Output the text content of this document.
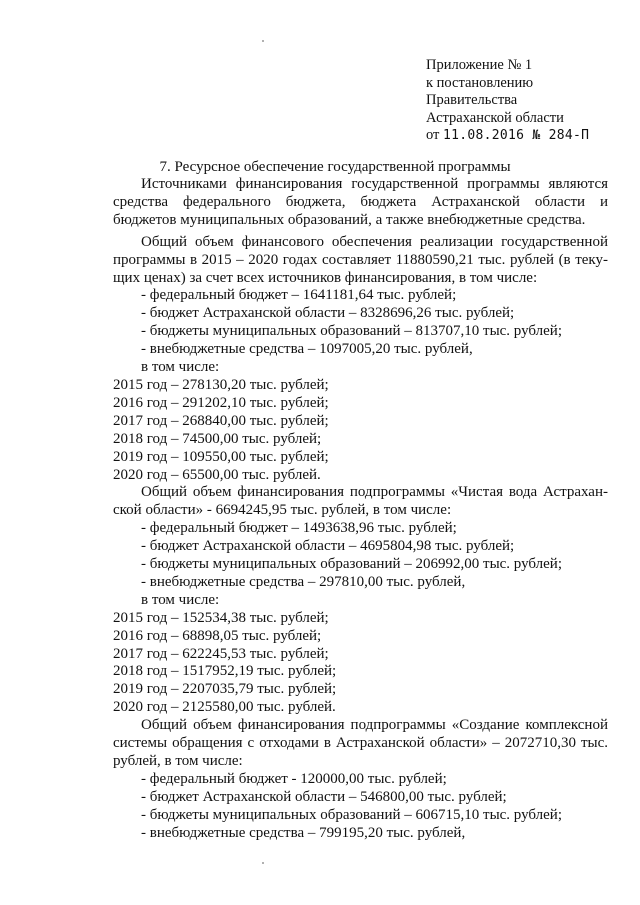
Приложение № 1
к постановлению
Правительства
Астраханской области
от 11.08.2016 № 284-П
7. Ресурсное обеспечение государственной программы

Источниками финансирования государственной программы являются средства федерального бюджета, бюджета Астраханской области и бюджетов муниципальных образований, а также внебюджетные средства.

Общий объем финансового обеспечения реализации государственной программы в 2015 – 2020 годах составляет 11880590,21 тыс. рублей (в теку-щих ценах) за счет всех источников финансирования, в том числе:

- федеральный бюджет – 1641181,64 тыс. рублей;
- бюджет Астраханской области – 8328696,26 тыс. рублей;
- бюджеты муниципальных образований – 813707,10 тыс. рублей;
- внебюджетные средства – 1097005,20 тыс. рублей,
в том числе:
2015 год – 278130,20 тыс. рублей;
2016 год – 291202,10 тыс. рублей;
2017 год – 268840,00 тыс. рублей;
2018 год – 74500,00 тыс. рублей;
2019 год – 109550,00 тыс. рублей;
2020 год – 65500,00 тыс. рублей.

Общий объем финансирования подпрограммы «Чистая вода Астрахан-ской области» - 6694245,95 тыс. рублей, в том числе:

- федеральный бюджет – 1493638,96 тыс. рублей;
- бюджет Астраханской области – 4695804,98 тыс. рублей;
- бюджеты муниципальных образований – 206992,00 тыс. рублей;
- внебюджетные средства – 297810,00 тыс. рублей,
в том числе:
2015 год – 152534,38 тыс. рублей;
2016 год – 68898,05 тыс. рублей;
2017 год – 622245,53 тыс. рублей;
2018 год – 1517952,19 тыс. рублей;
2019 год – 2207035,79 тыс. рублей;
2020 год – 2125580,00 тыс. рублей.

Общий объем финансирования подпрограммы «Создание комплексной системы обращения с отходами в Астраханской области» – 2072710,30 тыс. рублей, в том числе:

- федеральный бюджет - 120000,00 тыс. рублей;
- бюджет Астраханской области – 546800,00 тыс. рублей;
- бюджеты муниципальных образований – 606715,10 тыс. рублей;
- внебюджетные средства – 799195,20 тыс. рублей,
